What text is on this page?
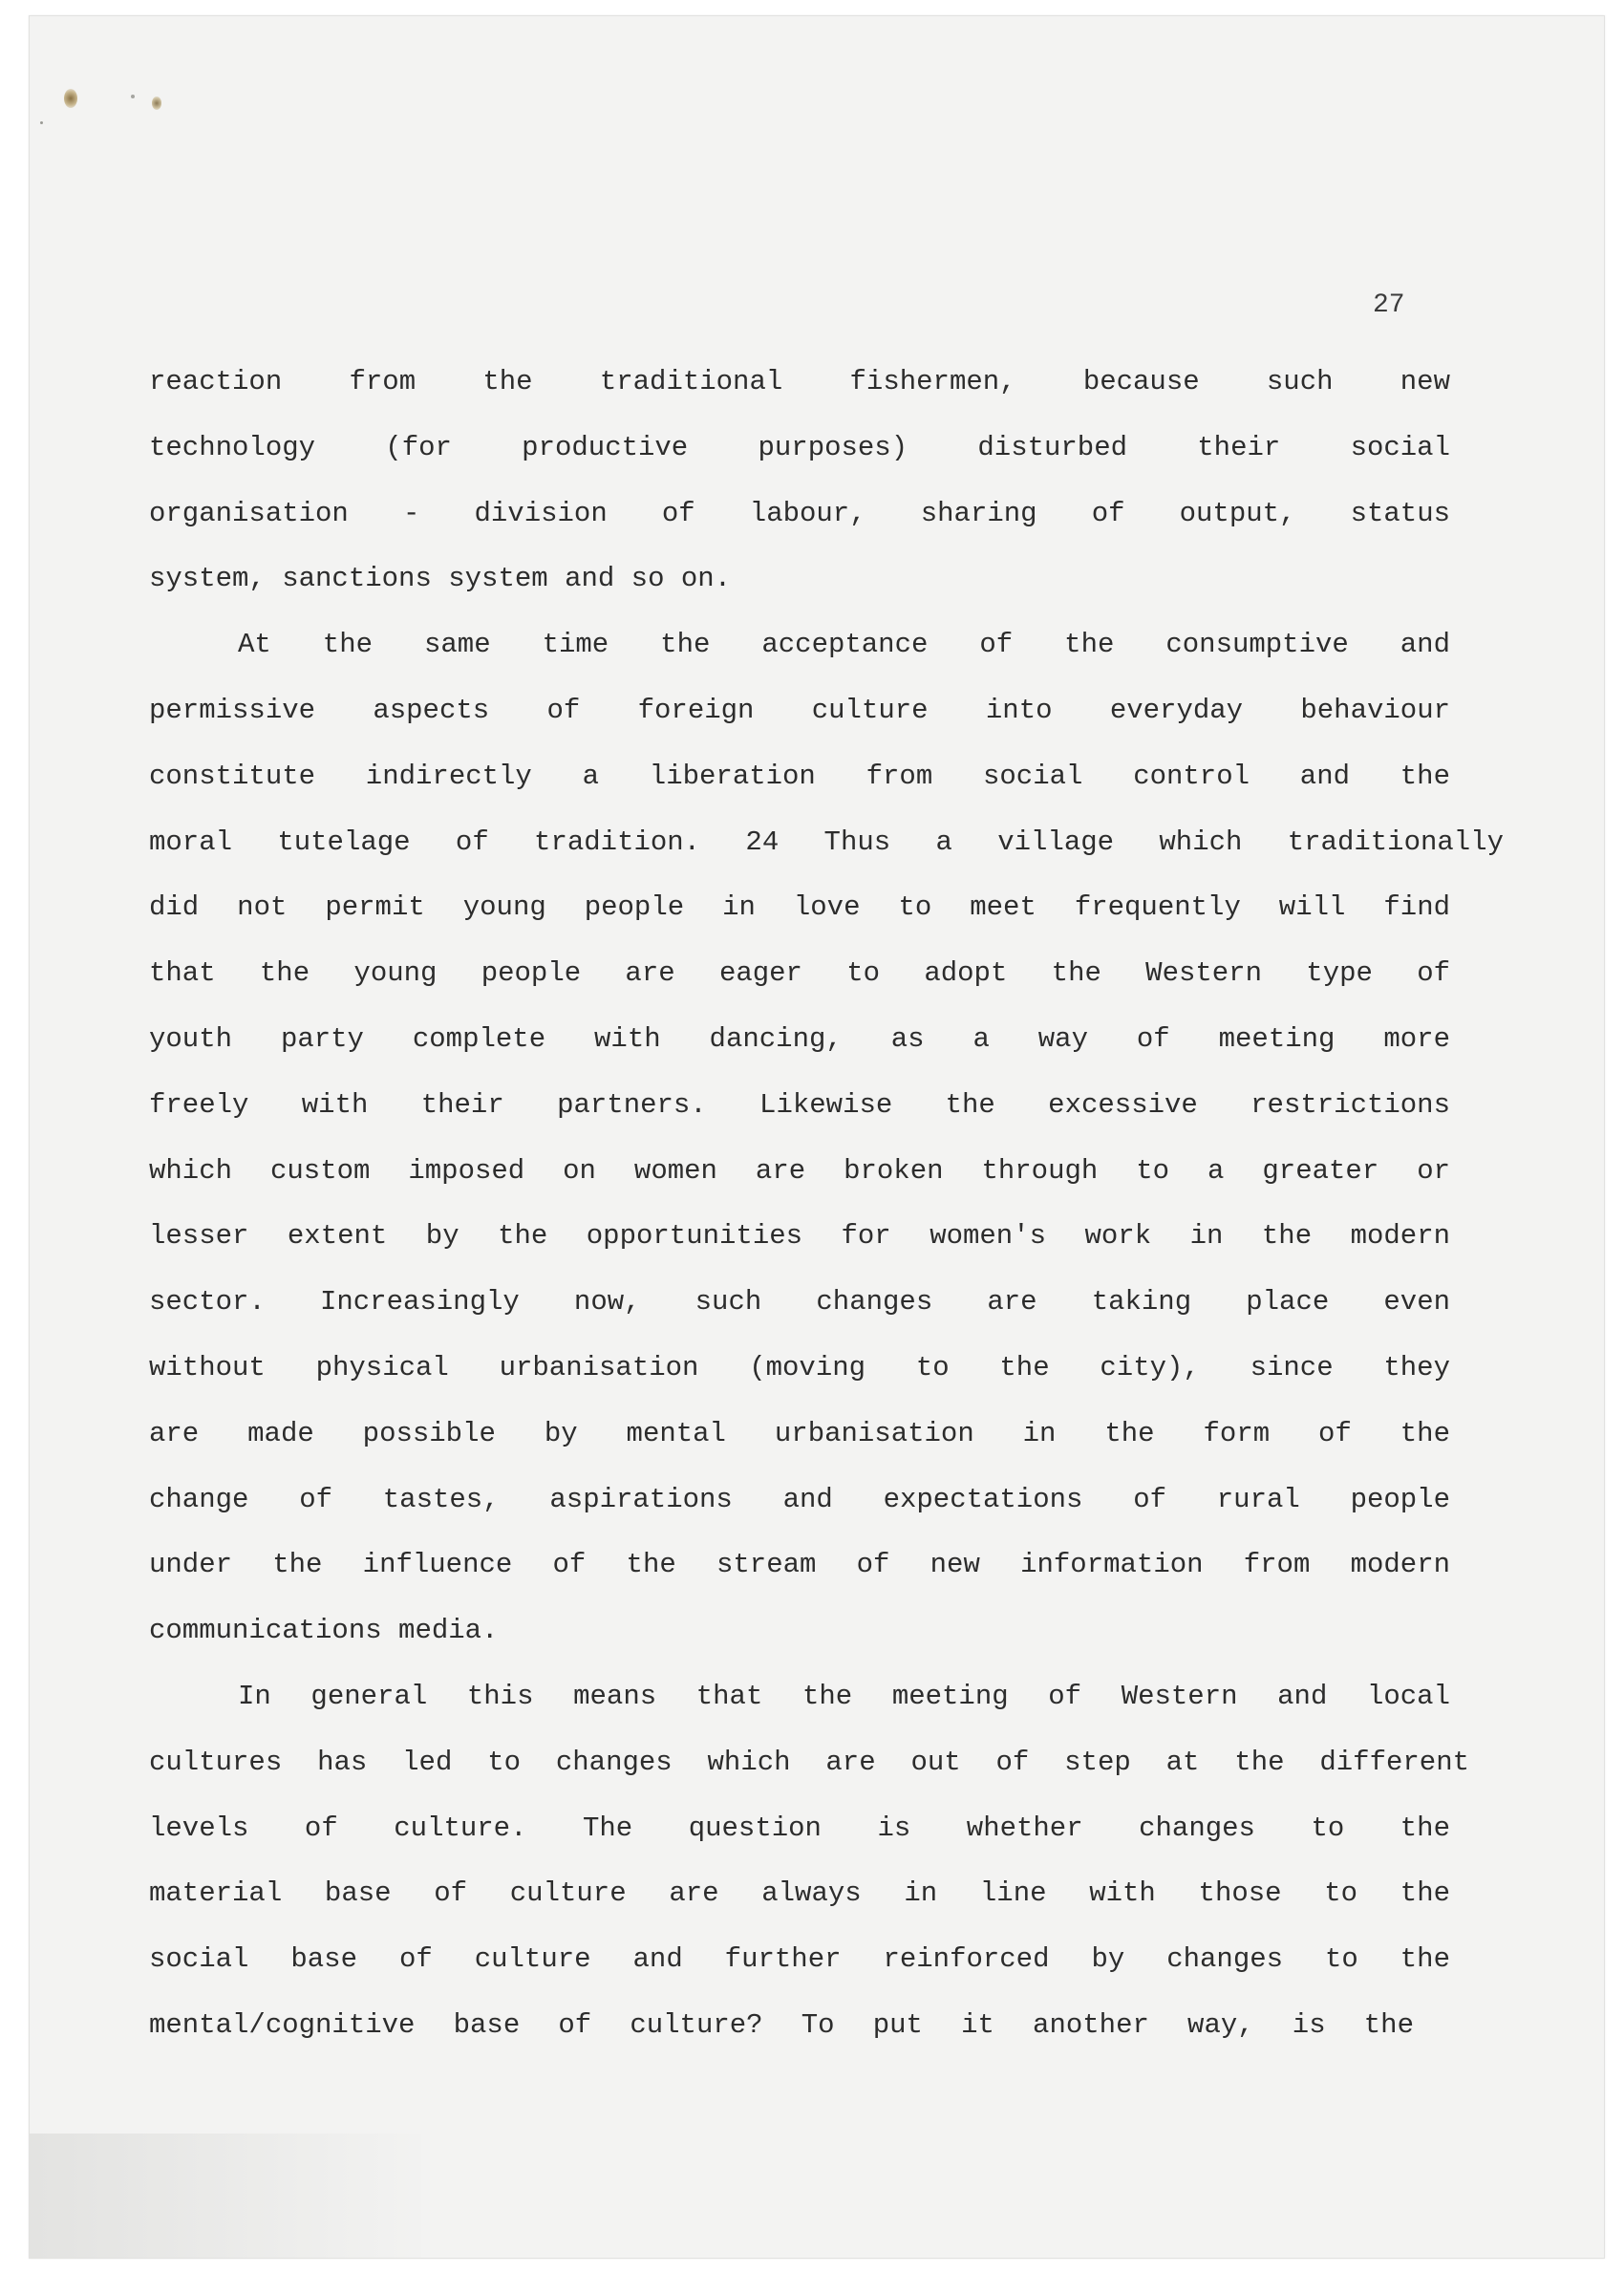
27

reaction from the traditional fishermen, because such new

technology (for productive purposes) disturbed their social

organisation - division of labour, sharing of output, status

system, sanctions system and so on.

At the same time the acceptance of the consumptive and

permissive aspects of foreign culture into everyday behaviour

constitute indirectly a liberation from social control and the

moral tutelage of tradition. 24 Thus a village which traditionally

did not permit young people in love to meet frequently will find

that the young people are eager to adopt the Western type of

youth party complete with dancing, as a way of meeting more

freely with their partners. Likewise the excessive restrictions

which custom imposed on women are broken through to a greater or

lesser extent by the opportunities for women's work in the modern

sector. Increasingly now, such changes are taking place even

without physical urbanisation (moving to the city), since they

are made possible by mental urbanisation in the form of the

change of tastes, aspirations and expectations of rural people

under the influence of the stream of new information from modern

communications media.

In general this means that the meeting of Western and local

cultures has led to changes which are out of step at the different

levels of culture. The question is whether changes to the

material base of culture are always in line with those to the

social base of culture and further reinforced by changes to the

mental/cognitive base of culture? To put it another way, is the
